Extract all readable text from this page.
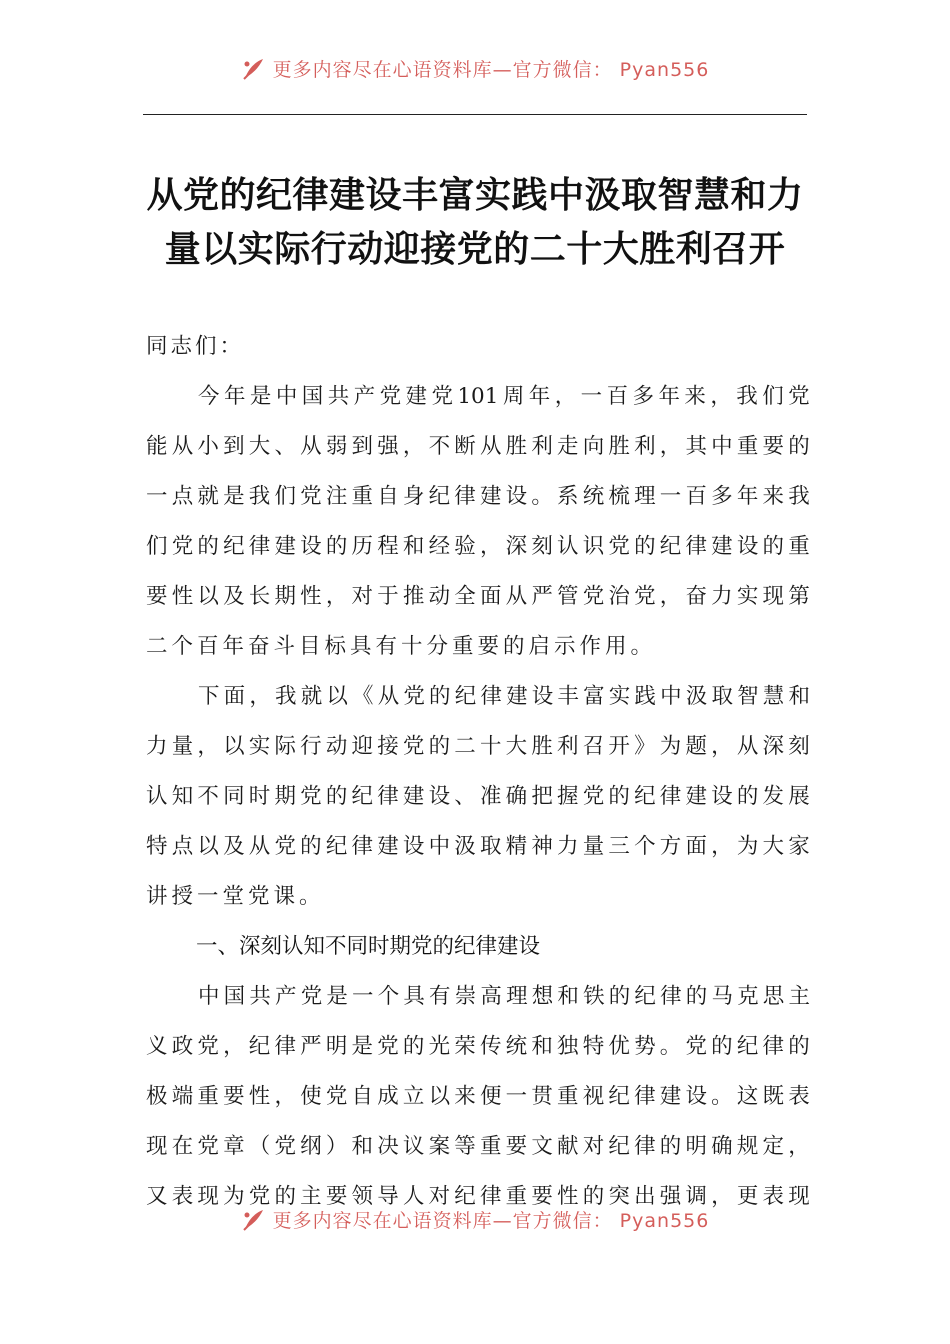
更多内容尽在心语资料库—官方微信： Pyan556
从党的纪律建设丰富实践中汲取智慧和力
量以实际行动迎接党的二十大胜利召开
同志们：
今 年 是 中 国 共 产 党 建 党 101 周 年 ， 一 百 多 年 来 ， 我 们 党
能 从 小 到 大 、 从 弱 到 强 ， 不 断 从 胜 利 走 向 胜 利 ， 其 中 重 要 的
一 点 就 是 我 们 党 注 重 自 身 纪 律 建 设 。 系 统 梳 理 一 百 多 年 来 我
们 党 的 纪 律 建 设 的 历 程 和 经 验 ， 深 刻 认 识 党 的 纪 律 建 设 的 重
要 性 以 及 长 期 性 ， 对 于 推 动 全 面 从 严 管 党 治 党 ， 奋 力 实 现 第
二个百年奋斗目标具有十分重要的启示作用。
下 面 ， 我 就 以 《 从 党 的 纪 律 建 设 丰 富 实 践 中 汲 取 智 慧 和
力 量 ， 以 实 际 行 动 迎 接 党 的 二 十 大 胜 利 召 开 》 为 题 ， 从 深 刻
认 知 不 同 时 期 党 的 纪 律 建 设 、 准 确 把 握 党 的 纪 律 建 设 的 发 展
特 点 以 及 从 党 的 纪 律 建 设 中 汲 取 精 神 力 量 三 个 方 面 ， 为 大 家
讲授一堂党课。
一、深刻认知不同时期党的纪律建设
中 国 共 产 党 是 一 个 具 有 崇 高 理 想 和 铁 的 纪 律 的 马 克 思 主
义 政 党 ， 纪 律 严 明 是 党 的 光 荣 传 统 和 独 特 优 势 。 党 的 纪 律 的
极 端 重 要 性 ， 使 党 自 成 立 以 来 便 一 贯 重 视 纪 律 建 设 。 这 既 表
现 在 党 章 （ 党 纲 ） 和 决 议 案 等 重 要 文 献 对 纪 律 的 明 确 规 定 ，
又 表 现 为 党 的 主 要 领 导 人 对 纪 律 重 要 性 的 突 出 强 调 ， 更 表 现
更多内容尽在心语资料库—官方微信： Pyan556
